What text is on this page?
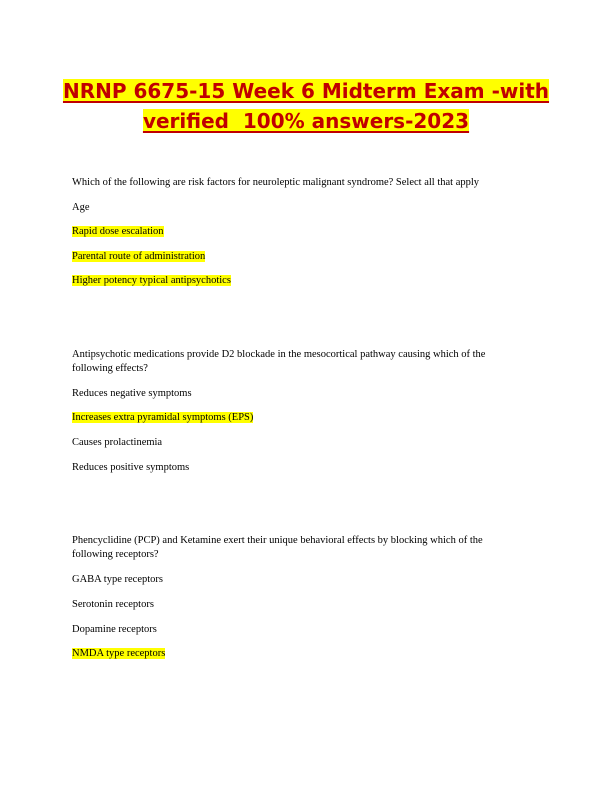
NRNP 6675-15 Week 6 Midterm Exam -with
verified  100% answers-2023
Which of the following are risk factors for neuroleptic malignant syndrome? Select all that apply
Age
Rapid dose escalation
Parental route of administration
Higher potency typical antipsychotics
Antipsychotic medications provide D2 blockade in the mesocortical pathway causing which of the
following effects?
Reduces negative symptoms
Increases extra pyramidal symptoms (EPS)
Causes prolactinemia
Reduces positive symptoms
Phencyclidine (PCP) and Ketamine exert their unique behavioral effects by blocking which of the
following receptors?
GABA type receptors
Serotonin receptors
Dopamine receptors
NMDA type receptors
